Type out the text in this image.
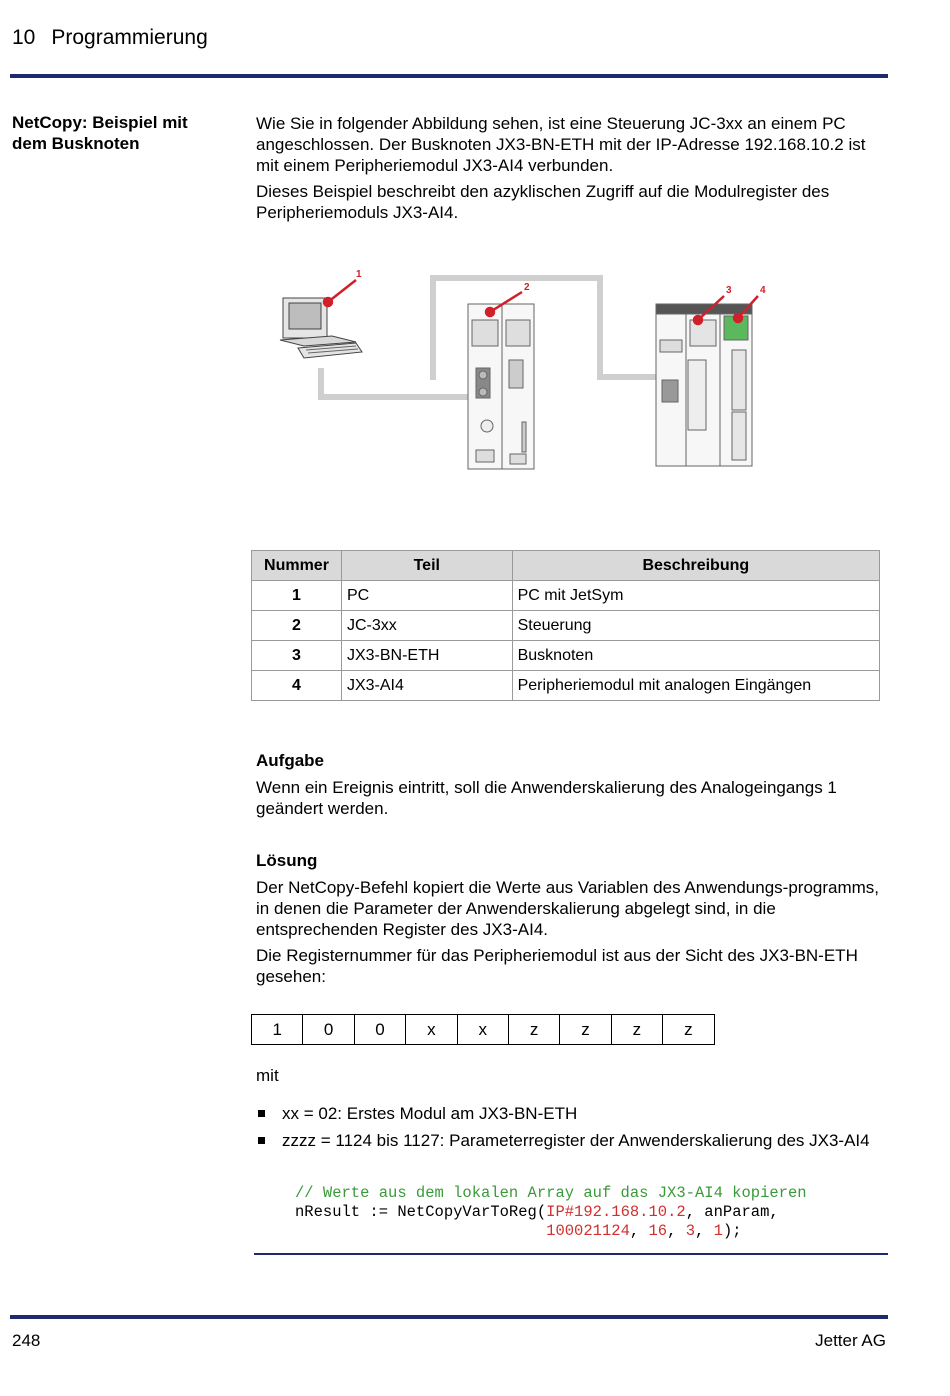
10 Programmierung
NetCopy: Beispiel mit dem Busknoten
Wie Sie in folgender Abbildung sehen, ist eine Steuerung JC-3xx an einem PC angeschlossen. Der Busknoten JX3-BN-ETH mit der IP-Adresse 192.168.10.2 ist mit einem Peripheriemodul JX3-AI4 verbunden.
Dieses Beispiel beschreibt den azyklischen Zugriff auf die Modulregister des Peripheriemoduls JX3-AI4.
1
2	3	4
Nummer	Teil	Beschreibung
1	PC	PC mit JetSym
2	JC-3xx	Steuerung
3	JX3-BN-ETH	Busknoten
4	JX3-AI4	Peripheriemodul mit analogen Eingängen
Aufgabe
Wenn ein Ereignis eintritt, soll die Anwenderskalierung des Analogeingangs 1 geändert werden.
Lösung
Der NetCopy-Befehl kopiert die Werte aus Variablen des Anwendungs-programms, in denen die Parameter der Anwenderskalierung abgelegt sind, in die entsprechenden Register des JX3-AI4.
Die Registernummer für das Peripheriemodul ist aus der Sicht des JX3-BN-ETH gesehen:
1	0	0	x	x	z	z	z	z
mit
xx = 02: Erstes Modul am JX3-BN-ETH
zzzz = 1124 bis 1127: Parameterregister der Anwenderskalierung des JX3-AI4
// Werte aus dem lokalen Array auf das JX3-AI4 kopieren
nResult := NetCopyVarToReg(IP#192.168.10.2, anParam,
100021124, 16, 3, 1);
248	Jetter AG
